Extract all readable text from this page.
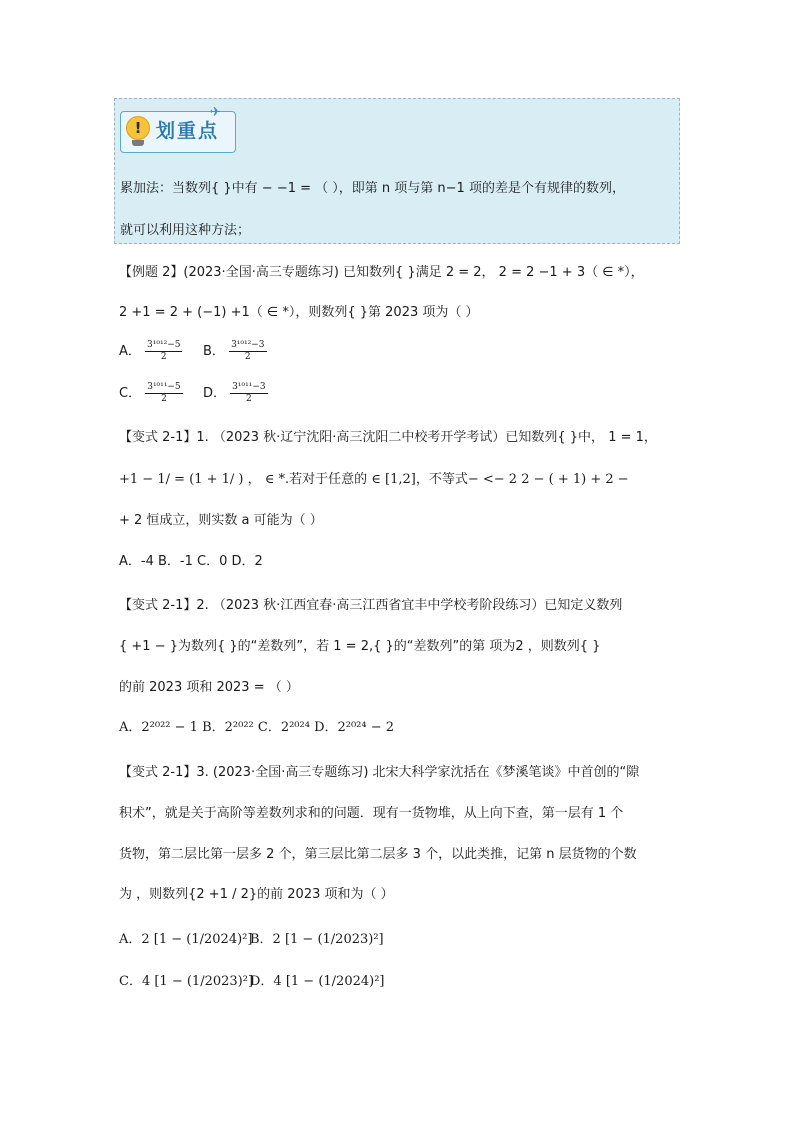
! 划重点
✈
累加法：当数列{ }中有 − −1 = （ ），即第 n 项与第 n−1 项的差是个有规律的数列，
就可以利用这种方法；
【例题 2】(2023·全国·高三专题练习) 已知数列{ }满足 2 = 2， 2 = 2 −1 + 3（ ∈ *），
2 +1 = 2 + (−1) +1（ ∈ *），则数列{ }第 2023 项为（ ）
A． $\frac{\text{3¹⁰¹²−5}}{2}$ B． $\frac{\text{3¹⁰¹²−3}}{2}$
C． $\frac{\text{3¹⁰¹¹−5}}{2}$ D． $\frac{\text{3¹⁰¹¹−3}}{2}$
【变式 2-1】1. （2023 秋·辽宁沈阳·高三沈阳二中校考开学考试）已知数列{ }中， 1 = 1，
+1 − 1/ = (1 + 1/ ) ， ∈ *.若对于任意的 ∈ [1,2]，不等式− <− 2 2 − ( + 1) + 2 −
+ 2 恒成立，则实数 a 可能为（ ）
A．-4 B．-1 C．0 D．2
【变式 2-1】2. （2023 秋·江西宜春·高三江西省宜丰中学校考阶段练习）已知定义数列
{ +1 − }为数列{ }的“差数列”，若 1 = 2,{ }的“差数列”的第 项为2 ，则数列{ }
的前 2023 项和 2023 = （ ）
A．2²⁰²² − 1 B．2²⁰²² C．2²⁰²⁴ D．2²⁰²⁴ − 2
【变式 2-1】3. (2023·全国·高三专题练习) 北宋大科学家沈括在《梦溪笔谈》中首创的“隙
积术”，就是关于高阶等差数列求和的问题．现有一货物堆，从上向下查，第一层有 1 个
货物，第二层比第一层多 2 个，第三层比第二层多 3 个，以此类推，记第 n 层货物的个数
为 ，则数列{2 +1 / 2}的前 2023 项和为（ ）
A．2 [1 − (1/2024)²]
B．2 [1 − (1/2023)²]
C．4 [1 − (1/2023)²]
D．4 [1 − (1/2024)²]
